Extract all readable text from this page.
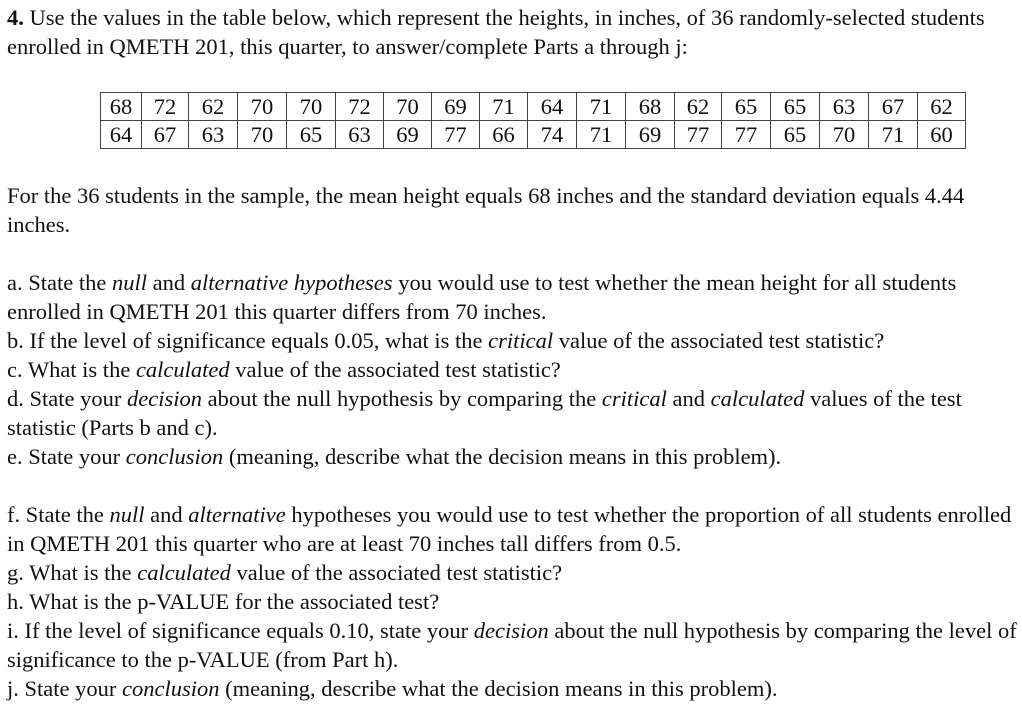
4. Use the values in the table below, which represent the heights, in inches, of 36 randomly-selected students enrolled in QMETH 201, this quarter, to answer/complete Parts a through j:

68	72	62	70	70	72	70	69	71	64	71	68	62	65	65	63	67	62
64	67	63	70	65	63	69	77	66	74	71	69	77	77	65	70	71	60

For the 36 students in the sample, the mean height equals 68 inches and the standard deviation equals 4.44 inches.

a. State the null and alternative hypotheses you would use to test whether the mean height for all students enrolled in QMETH 201 this quarter differs from 70 inches.

b. If the level of significance equals 0.05, what is the critical value of the associated test statistic?

c. What is the calculated value of the associated test statistic?

d. State your decision about the null hypothesis by comparing the critical and calculated values of the test statistic (Parts b and c).

e. State your conclusion (meaning, describe what the decision means in this problem).

f. State the null and alternative hypotheses you would use to test whether the proportion of all students enrolled in QMETH 201 this quarter who are at least 70 inches tall differs from 0.5.

g. What is the calculated value of the associated test statistic?

h. What is the p-VALUE for the associated test?

i. If the level of significance equals 0.10, state your decision about the null hypothesis by comparing the level of significance to the p-VALUE (from Part h).

j. State your conclusion (meaning, describe what the decision means in this problem).
